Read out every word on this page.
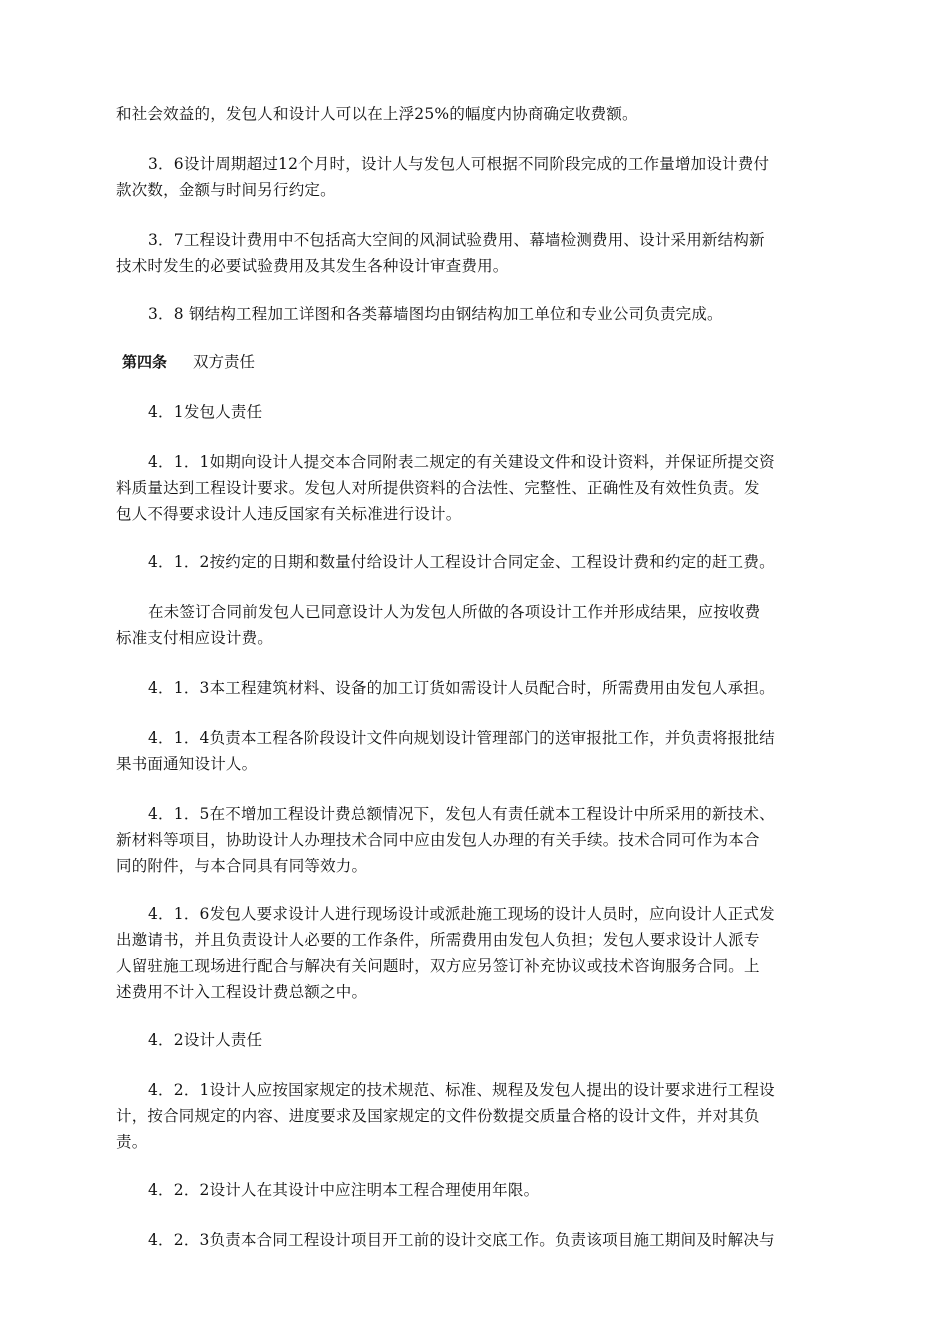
和社会效益的，发包人和设计人可以在上浮25%的幅度内协商确定收费额。
3．6设计周期超过12个月时，设计人与发包人可根据不同阶段完成的工作量增加设计费付
款次数，金额与时间另行约定。
3．7工程设计费用中不包括高大空间的风洞试验费用、幕墙检测费用、设计采用新结构新
技术时发生的必要试验费用及其发生各种设计审查费用。
3．8 钢结构工程加工详图和各类幕墙图均由钢结构加工单位和专业公司负责完成。
第四条 双方责任
4．1发包人责任
4．1．1如期向设计人提交本合同附表二规定的有关建设文件和设计资料，并保证所提交资
料质量达到工程设计要求。发包人对所提供资料的合法性、完整性、正确性及有效性负责。发
包人不得要求设计人违反国家有关标准进行设计。
4．1．2按约定的日期和数量付给设计人工程设计合同定金、工程设计费和约定的赶工费。
在未签订合同前发包人已同意设计人为发包人所做的各项设计工作并形成结果，应按收费
标准支付相应设计费。
4．1．3本工程建筑材料、设备的加工订货如需设计人员配合时，所需费用由发包人承担。
4．1．4负责本工程各阶段设计文件向规划设计管理部门的送审报批工作，并负责将报批结
果书面通知设计人。
4．1．5在不增加工程设计费总额情况下，发包人有责任就本工程设计中所采用的新技术、
新材料等项目，协助设计人办理技术合同中应由发包人办理的有关手续。技术合同可作为本合
同的附件，与本合同具有同等效力。
4．1．6发包人要求设计人进行现场设计或派赴施工现场的设计人员时，应向设计人正式发
出邀请书，并且负责设计人必要的工作条件，所需费用由发包人负担；发包人要求设计人派专
人留驻施工现场进行配合与解决有关问题时，双方应另签订补充协议或技术咨询服务合同。上
述费用不计入工程设计费总额之中。
4．2设计人责任
4．2．1设计人应按国家规定的技术规范、标准、规程及发包人提出的设计要求进行工程设
计，按合同规定的内容、进度要求及国家规定的文件份数提交质量合格的设计文件，并对其负
责。
4．2．2设计人在其设计中应注明本工程合理使用年限。
4．2．3负责本合同工程设计项目开工前的设计交底工作。负责该项目施工期间及时解决与
